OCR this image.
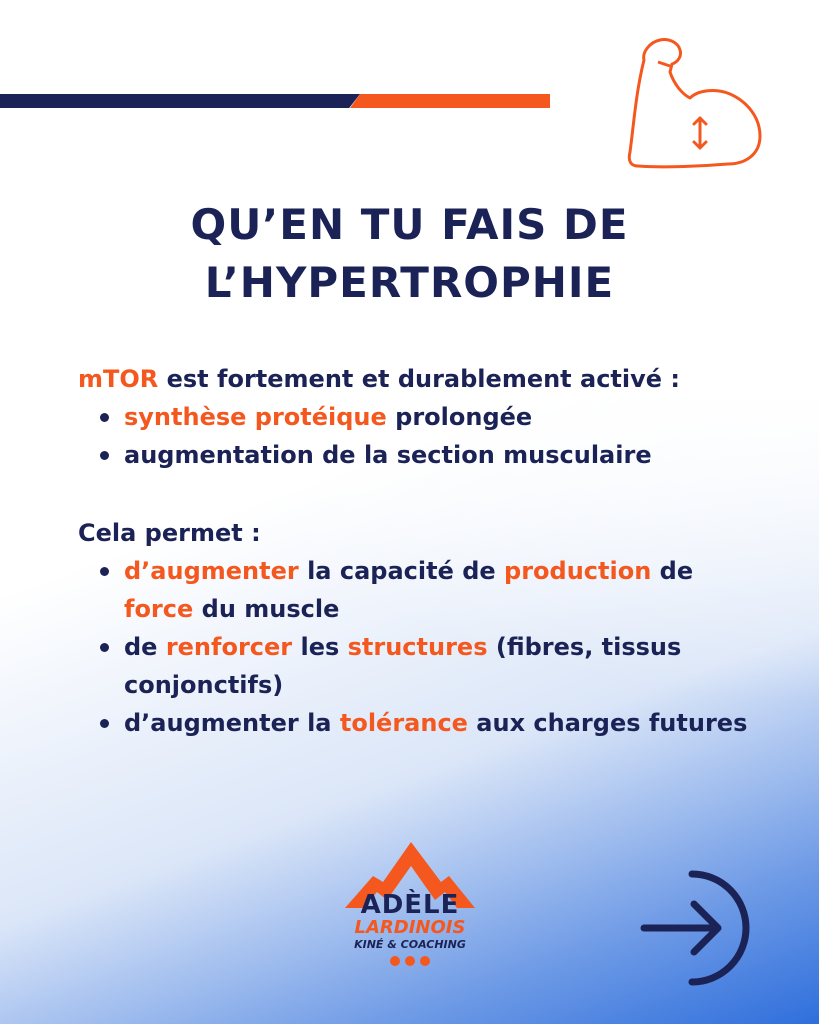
QU’EN TU FAIS DE
L’HYPERTROPHIE

mTOR est fortement et durablement activé :

synthèse protéique prolongée
augmentation de la section musculaire

Cela permet :

d’augmenter la capacité de production de force du muscle
de renforcer les structures (fibres, tissus conjonctifs)
d’augmenter la tolérance aux charges futures
ADÈLE
LARDINOIS
KINÉ & COACHING
